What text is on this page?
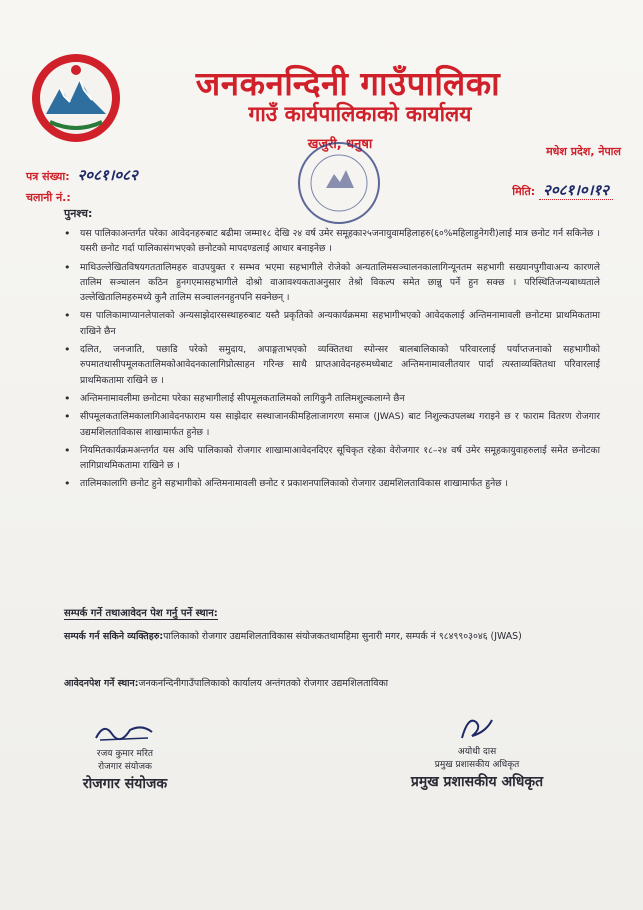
जनकनन्दिनी गाउँपालिका
गाउँ कार्यपालिकाको कार्यालय
खजुरी, धनुषा	मधेश प्रदेश, नेपाल
पत्र संख्या: २०८१।०८२
चलानी नं.:	मिति: २०८१।०।१२
पुनश्च:
• यस पालिकाअन्तर्गत परेका आवेदनहरुबाट बढीमा जम्मा१८ देखि २४ वर्ष उमेर समूहका२५जनायुवामहिलाहरु(६०%महिलाहुनेगरी)लाई मात्र छनोट गर्न सकिनेछ । यसरी छनोट गर्दा पालिकासंगभएको छनोटको मापदण्डलाई आधार बनाइनेछ ।
• माथिउल्लेखितविषयगततालिमहरु वाउपयुक्त र सम्भव भएमा सहभागीले रोजेको अन्यतालिमसञ्चालनकालागिन्यूनतम सहभागी सख्यानपुगीवाअन्य कारणले तालिम सञ्चालन कठिन हुनगएमासहभागीले दोश्रो वाआवश्यकताअनुसार तेश्रो विकल्प समेत छान्नु पर्ने हुन सक्छ । परिस्थितिजन्यबाध्यताले उल्लेखितालिमहरुमध्ये कुनै तालिम सञ्चालननहुनपनि सक्नेछन् ।
• यस पालिकामाप्यानलेपालको अन्यसाझेदारसस्थाहरुबाट यस्तै प्रकृतिको अन्यकार्यक्रममा सहभागीभएको आवेदकलाई अन्तिमनामावली छनोटमा प्राथमिकतामा राखिने छैन
• दलित, जनजाति, पछाडि परेको समुदाय, अपाङ्गताभएको व्यक्तितथा स्पोन्सर बालबालिकाको परिवारलाई पर्याप्तजनाको सहभागीको रुपमातथासीपमूलकतालिमकोआवेदनकालागिप्रोत्साहन गरिन्छ साथै प्राप्तआवेदनहरुमध्येबाट अन्तिमनामावलीतयार पार्दा त्यस्ताव्यक्तितथा परिवारलाई प्राथमिकतामा राखिने छ ।
• अन्तिमनामावलीमा छनोटमा परेका सहभागीलाई सीपमूलकतालिमको लागिकुनै तालिमशुल्कलाग्ने छैन
• सीपमूलकतालिमकालागिआवेदनफाराम यस साझेदार सस्थाजानकीमहिलाजागरण समाज (JWAS) बाट निशुल्कउपलब्ध गराइने छ र फाराम वितरण रोजगार उद्यमशिलताविकास शाखामार्फत हुनेछ ।
• नियमितकार्यक्रमअन्तर्गत यस अघि पालिकाको रोजगार शाखामाआवेदनदिएर सूचिकृत रहेका वेरोजगार १८–२४ वर्ष उमेर समूहकायुवाहरुलाई समेत छनोटका लागिप्राथमिकतामा राखिने छ ।
• तालिमकालागि छनोट हुने सहभागीको अन्तिमनामावली छनोट र प्रकाशनपालिकाको रोजगार उद्यमशिलताविकास शाखामार्फत हुनेछ ।
सम्पर्क गर्ने तथाआवेदन पेश गर्नु पर्ने स्थान:
सम्पर्क गर्न सकिने व्यक्तिहरु:पालिकाको रोजगार उद्यमशिलताविकास संयोजकतथामहिमा सुनारी मगर, सम्पर्क नं ९८४९९०३०४६ (JWAS)
आवेदनपेश गर्ने स्थान:जनकनन्दिनीगाउँपालिकाको कार्यालय अन्तंगतको रोजगार उद्यमशिलताविका
रजय कुमार मरित
रोजगार संयोजक
रोजगार संयोजक
अयोधी दास
प्रमुख प्रशासकीय अधिकृत
प्रमुख प्रशासकीय अधिकृत
